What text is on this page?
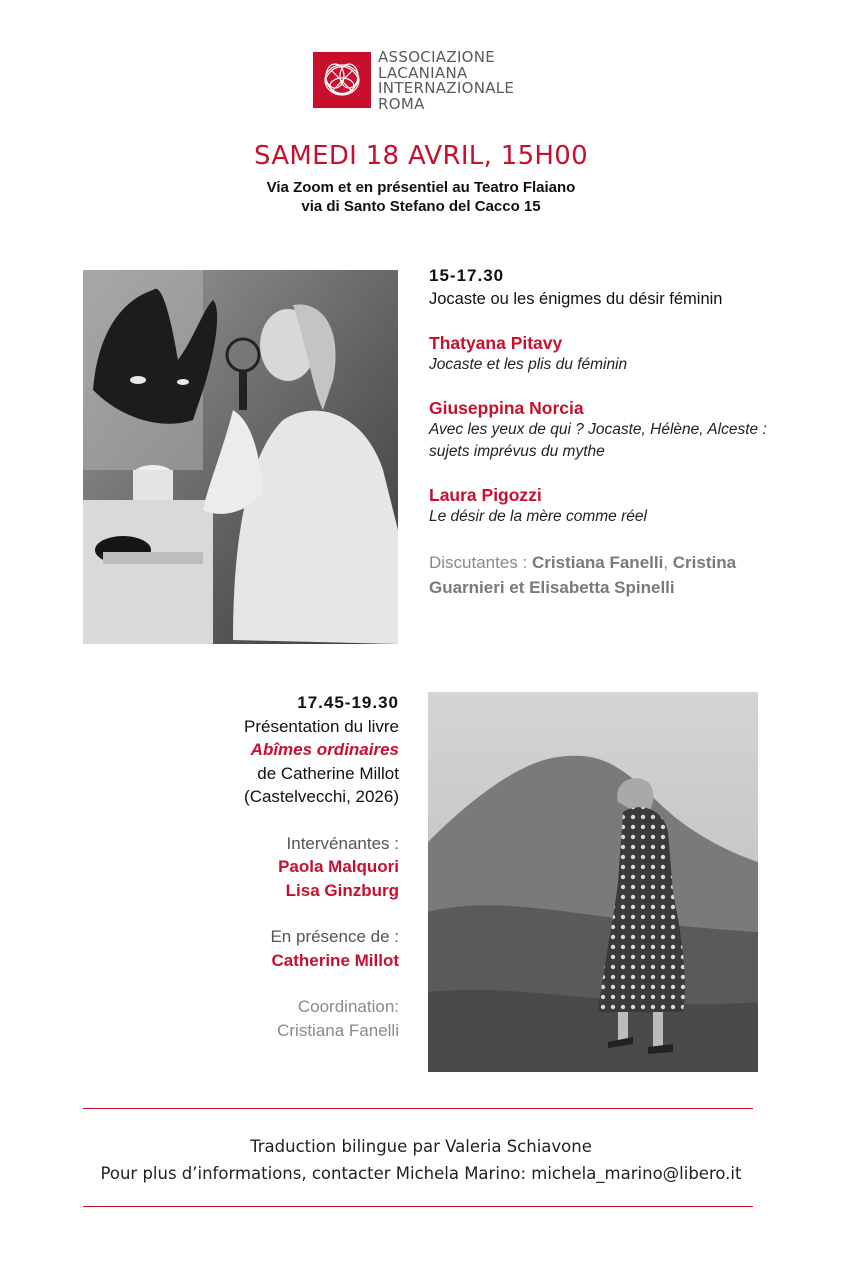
ASSOCIAZIONE
LACANIANA
INTERNAZIONALE
ROMA
SAMEDI 18 AVRIL, 15H00
Via Zoom et en présentiel au Teatro Flaiano
via di Santo Stefano del Cacco 15
15-17.30
Jocaste ou les énigmes du désir féminin
Thatyana Pitavy
Jocaste et les plis du féminin
Giuseppina Norcia
Avec les yeux de qui ? Jocaste, Hélène, Alceste :
sujets imprévus du mythe
Laura Pigozzi
Le désir de la mère comme réel
Discutantes : Cristiana Fanelli, Cristina
Guarnieri et Elisabetta Spinelli
17.45-19.30
Présentation du livre
Abîmes ordinaires
de Catherine Millot
(Castelvecchi, 2026)
Intervénantes :
Paola Malquori
Lisa Ginzburg
En présence de :
Catherine Millot
Coordination:
Cristiana Fanelli
Traduction bilingue par Valeria Schiavone
Pour plus d’informations, contacter Michela Marino: michela_marino@libero.it
